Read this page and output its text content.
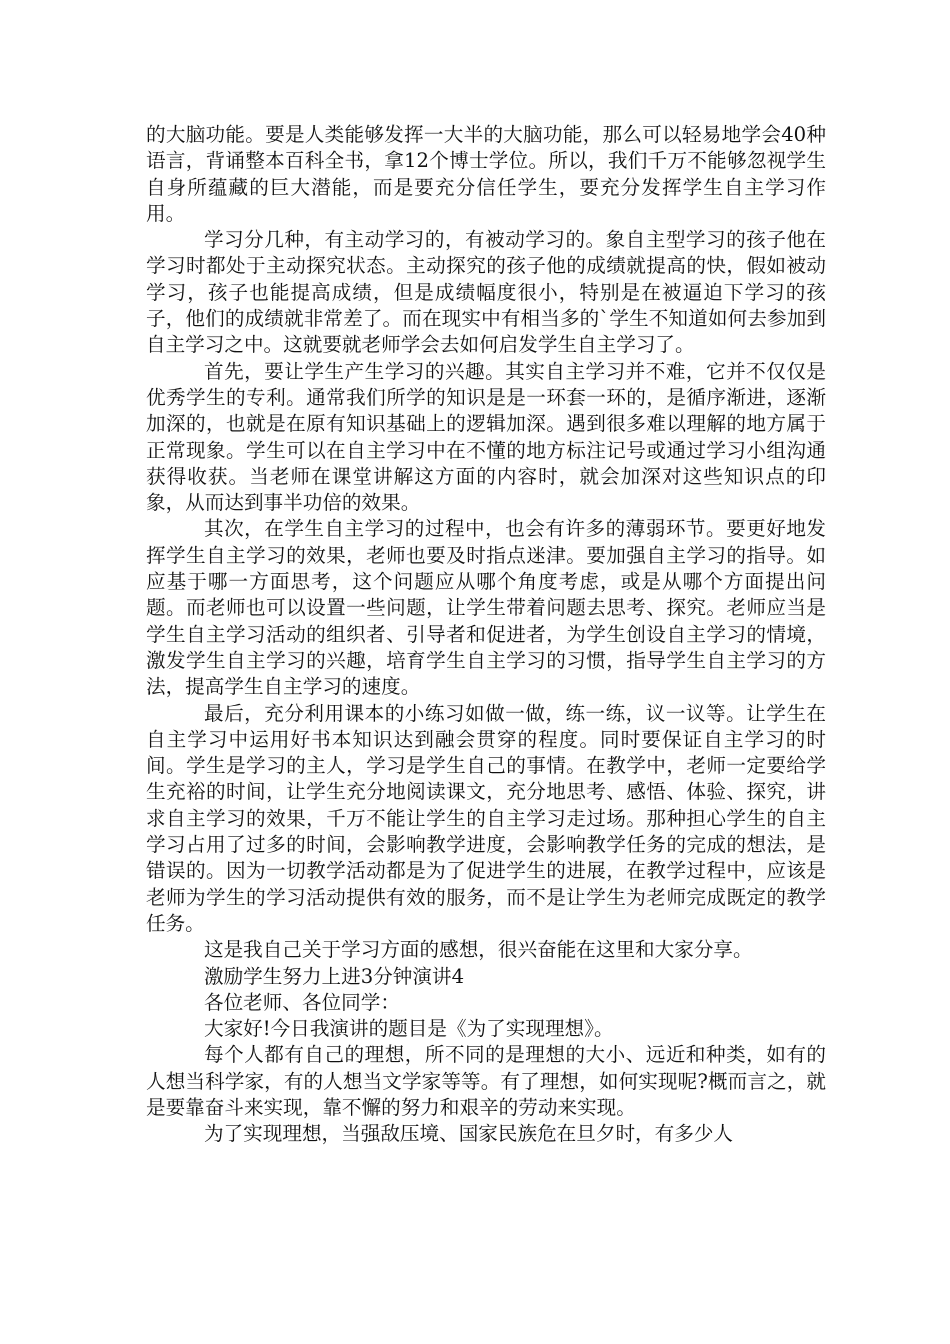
的大脑功能。要是人类能够发挥一大半的大脑功能，那么可以轻易地学会40种语言，背诵整本百科全书，拿12个博士学位。所以，我们千万不能够忽视学生自身所蕴藏的巨大潜能，而是要充分信任学生，要充分发挥学生自主学习作用。

学习分几种，有主动学习的，有被动学习的。象自主型学习的孩子他在学习时都处于主动探究状态。主动探究的孩子他的成绩就提高的快，假如被动学习，孩子也能提高成绩，但是成绩幅度很小，特别是在被逼迫下学习的孩子，他们的成绩就非常差了。而在现实中有相当多的`学生不知道如何去参加到自主学习之中。这就要就老师学会去如何启发学生自主学习了。

首先，要让学生产生学习的兴趣。其实自主学习并不难，它并不仅仅是优秀学生的专利。通常我们所学的知识是是一环套一环的，是循序渐进，逐渐加深的，也就是在原有知识基础上的逻辑加深。遇到很多难以理解的地方属于正常现象。学生可以在自主学习中在不懂的地方标注记号或通过学习小组沟通获得收获。当老师在课堂讲解这方面的内容时，就会加深对这些知识点的印象，从而达到事半功倍的效果。

其次，在学生自主学习的过程中，也会有许多的薄弱环节。要更好地发挥学生自主学习的效果，老师也要及时指点迷津。要加强自主学习的指导。如应基于哪一方面思考，这个问题应从哪个角度考虑，或是从哪个方面提出问题。而老师也可以设置一些问题，让学生带着问题去思考、探究。老师应当是学生自主学习活动的组织者、引导者和促进者，为学生创设自主学习的情境，激发学生自主学习的兴趣，培育学生自主学习的习惯，指导学生自主学习的方法，提高学生自主学习的速度。

最后，充分利用课本的小练习如做一做，练一练，议一议等。让学生在自主学习中运用好书本知识达到融会贯穿的程度。同时要保证自主学习的时间。学生是学习的主人，学习是学生自己的事情。在教学中，老师一定要给学生充裕的时间，让学生充分地阅读课文，充分地思考、感悟、体验、探究，讲求自主学习的效果，千万不能让学生的自主学习走过场。那种担心学生的自主学习占用了过多的时间，会影响教学进度，会影响教学任务的完成的想法，是错误的。因为一切教学活动都是为了促进学生的进展，在教学过程中，应该是老师为学生的学习活动提供有效的服务，而不是让学生为老师完成既定的教学任务。

这是我自己关于学习方面的感想，很兴奋能在这里和大家分享。

激励学生努力上进3分钟演讲4

各位老师、各位同学：

大家好!今日我演讲的题目是《为了实现理想》。

每个人都有自己的理想，所不同的是理想的大小、远近和种类，如有的人想当科学家，有的人想当文学家等等。有了理想，如何实现呢?概而言之，就是要靠奋斗来实现，靠不懈的努力和艰辛的劳动来实现。

为了实现理想，当强敌压境、国家民族危在旦夕时，有多少人
